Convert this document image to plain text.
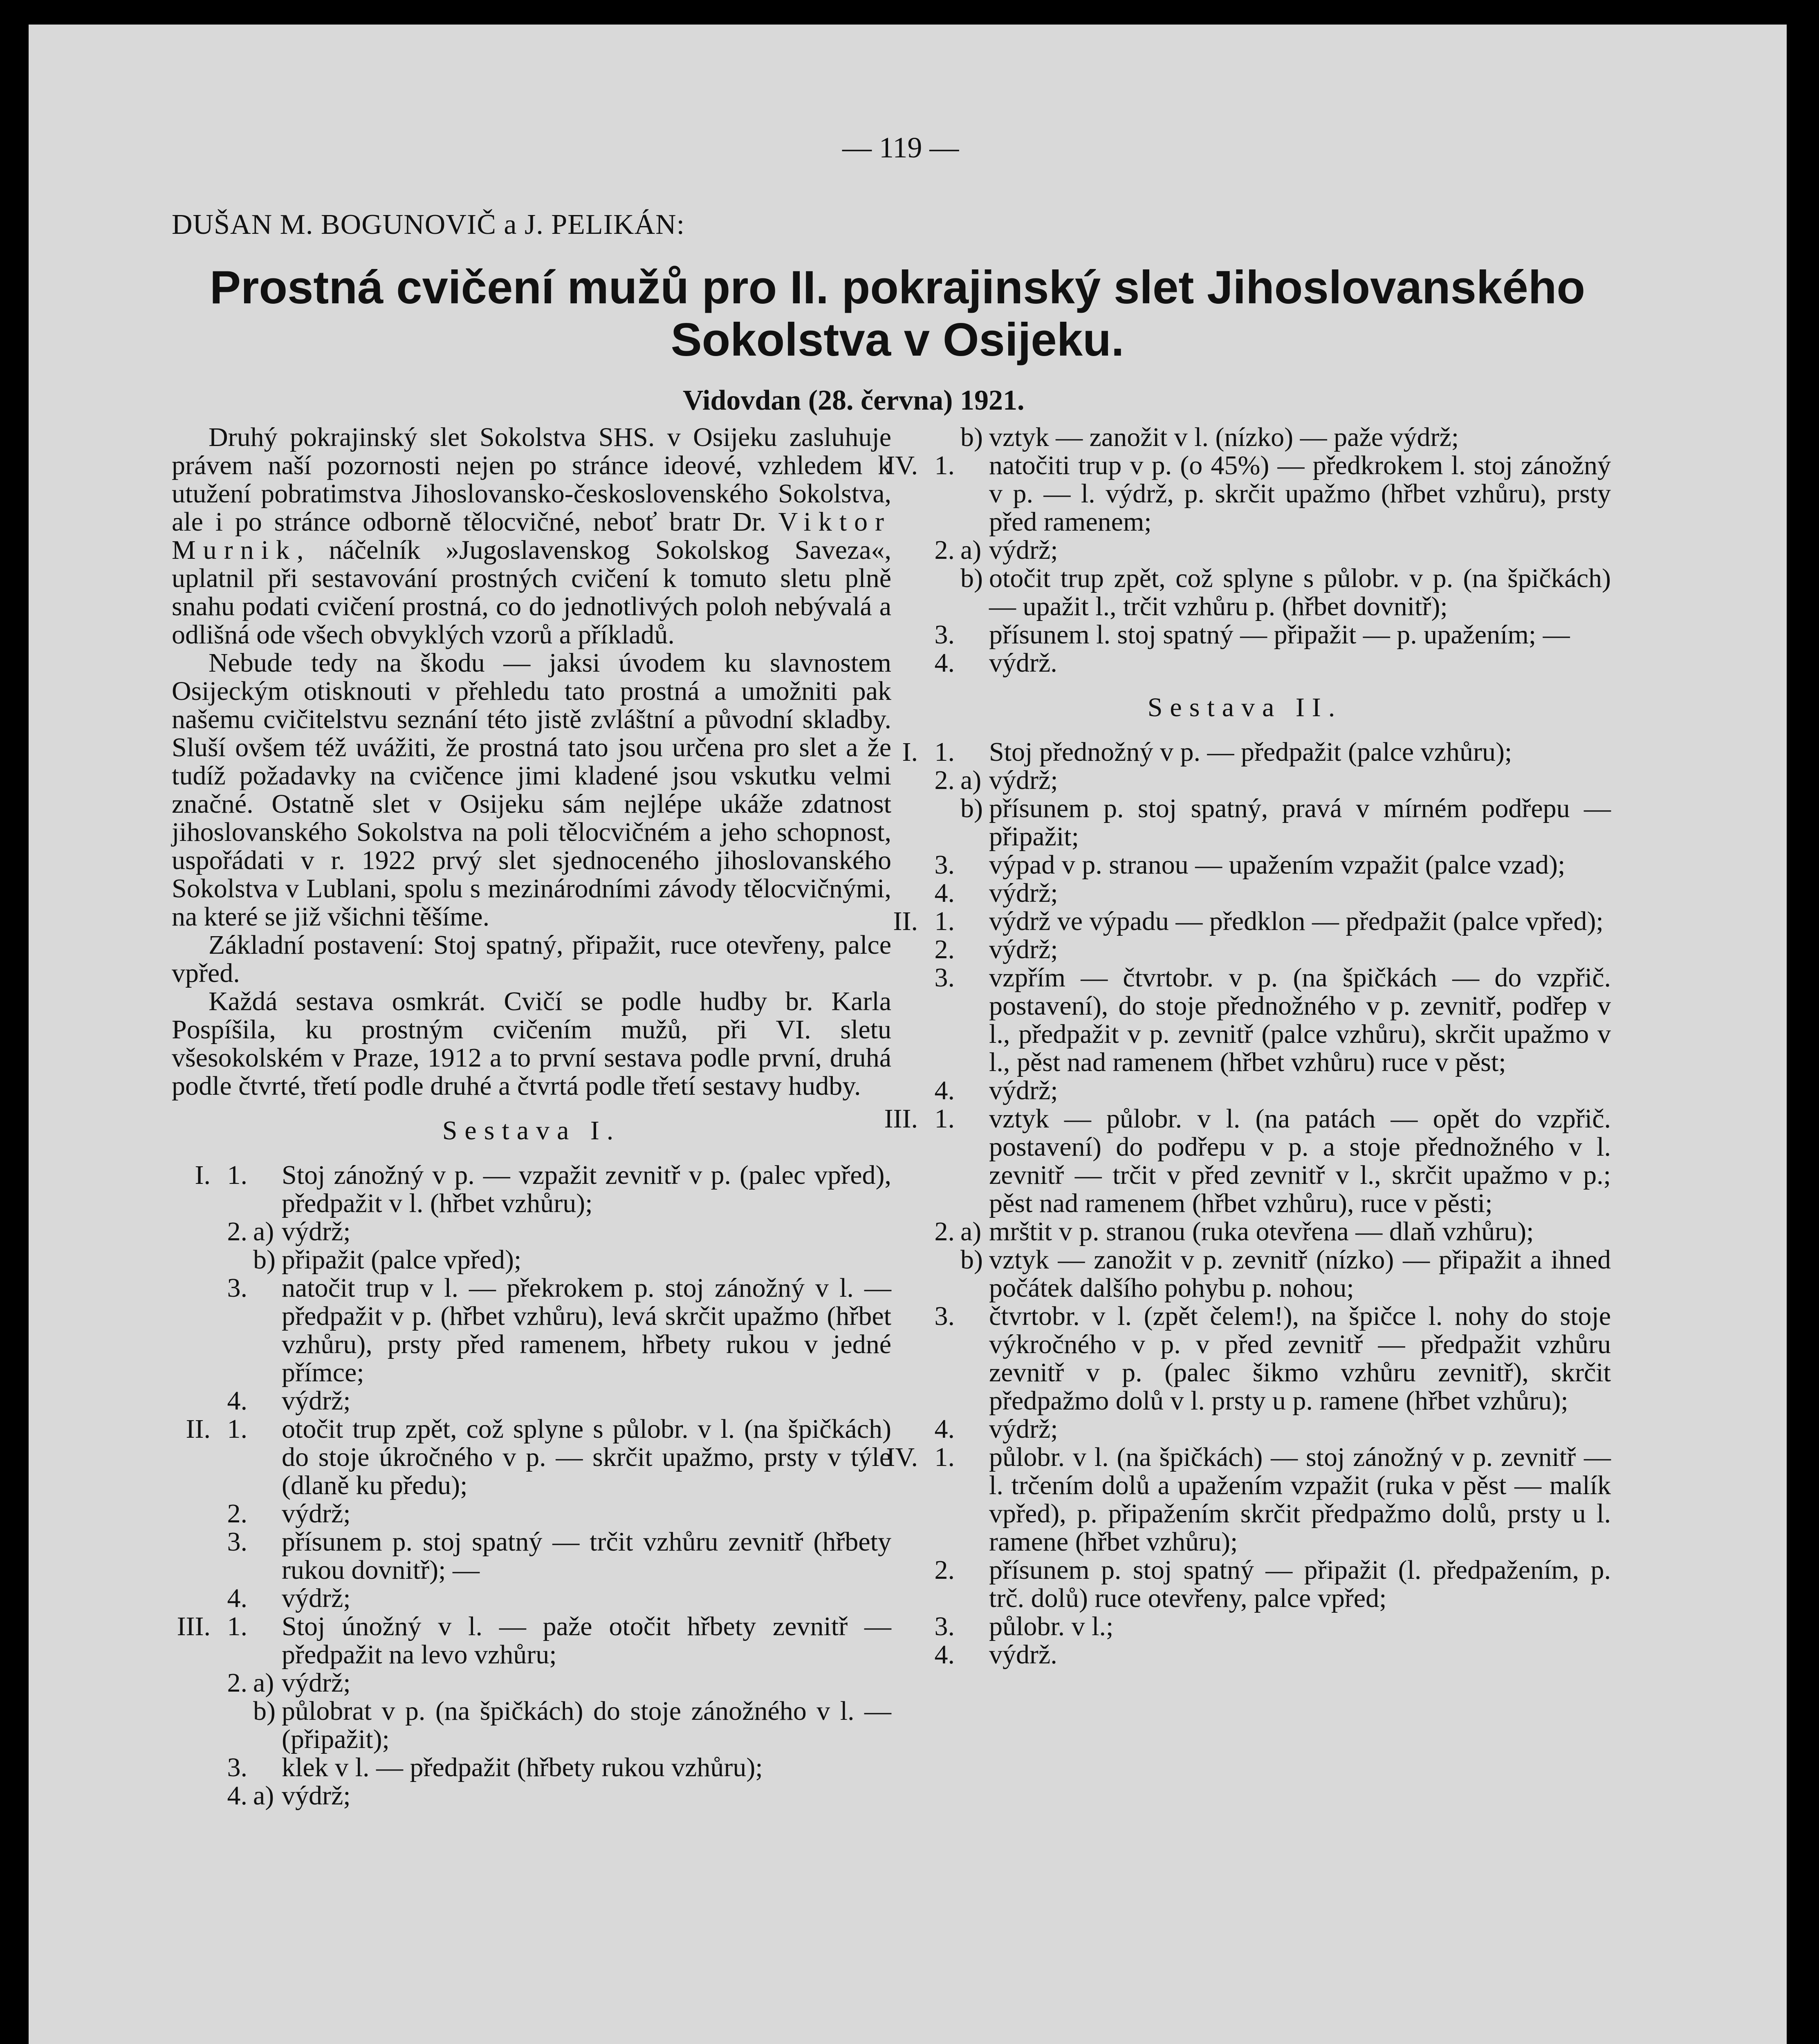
— 119 —
DUŠAN M. BOGUNOVIČ a J. PELIKÁN:
Prostná cvičení mužů pro II. pokrajinský slet Jihoslovanského
Sokolstva v Osijeku.
Vidovdan (28. června) 1921.

Druhý pokrajinský slet Sokolstva SHS. v Osijeku zasluhuje právem naší pozornosti nejen po stránce ideové, vzhledem k utužení pobratimstva Jihoslovansko-československého Sokolstva, ale i po stránce odborně tělocvičné, neboť bratr Dr. Viktor Murnik, náčelník »Jugoslavenskog Sokolskog Saveza«, uplatnil při sestavování prostných cvičení k tomuto sletu plně snahu podati cvičení prostná, co do jednotlivých poloh nebývalá a odlišná ode všech obvyklých vzorů a příkladů.

Nebude tedy na škodu — jaksi úvodem ku slavnostem Osijeckým otisknouti v přehledu tato prostná a umožniti pak našemu cvičitelstvu seznání této jistě zvláštní a původní skladby. Sluší ovšem též uvážiti, že prostná tato jsou určena pro slet a že tudíž požadavky na cvičence jimi kladené jsou vskutku velmi značné. Ostatně slet v Osijeku sám nejlépe ukáže zdatnost jihoslovanského Sokolstva na poli tělocvičném a jeho schopnost, uspořádati v r. 1922 prvý slet sjednoceného jihoslovanského Sokolstva v Lublani, spolu s mezinárodními závody tělocvičnými, na které se již všichni těšíme.

Základní postavení: Stoj spatný, připažit, ruce otevřeny, palce vpřed.

Každá sestava osmkrát. Cvičí se podle hudby br. Karla Pospíšila, ku prostným cvičením mužů, při VI. sletu všesokolském v Praze, 1912 a to první sestava podle první, druhá podle čtvrté, třetí podle druhé a čtvrtá podle třetí sestavy hudby.

Sestava I.
I. 1. Stoj zánožný v p. — vzpažit zevnitř v p. (palec vpřed), předpažit v l. (hřbet vzhůru);
2. a) výdrž;
b) připažit (palce vpřed);
3. natočit trup v l. — překrokem p. stoj zánožný v l. — předpažit v p. (hřbet vzhůru), levá skrčit upažmo (hřbet vzhůru), prsty před ramenem, hřbety rukou v jedné přímce;
4. výdrž;
II. 1. otočit trup zpět, což splyne s půlobr. v l. (na špičkách) do stoje úkročného v p. — skrčit upažmo, prsty v týle (dlaně ku předu);
2. výdrž;
3. přísunem p. stoj spatný — trčit vzhůru zevnitř (hřbety rukou dovnitř); —
4. výdrž;
III. 1. Stoj únožný v l. — paže otočit hřbety zevnitř — předpažit na levo vzhůru;
2. a) výdrž;
b) půlobrat v p. (na špičkách) do stoje zánožného v l. — (připažit);
3. klek v l. — předpažit (hřbety rukou vzhůru);
4. a) výdrž;
b) vztyk — zanožit v l. (nízko) — paže výdrž;
IV. 1. natočiti trup v p. (o 45%) — předkrokem l. stoj zánožný v p. — l. výdrž, p. skrčit upažmo (hřbet vzhůru), prsty před ramenem;
2. a) výdrž;
b) otočit trup zpět, což splyne s půlobr. v p. (na špičkách) — upažit l., trčit vzhůru p. (hřbet dovnitř);
3. přísunem l. stoj spatný — připažit — p. upažením; —
4. výdrž.
Sestava II.
I. 1. Stoj přednožný v p. — předpažit (palce vzhůru);
2. a) výdrž;
b) přísunem p. stoj spatný, pravá v mírném podřepu — připažit;
3. výpad v p. stranou — upažením vzpažit (palce vzad);
4. výdrž;
II. 1. výdrž ve výpadu — předklon — předpažit (palce vpřed);
2. výdrž;
3. vzpřím — čtvrtobr. v p. (na špičkách — do vzpřič. postavení), do stoje přednožného v p. zevnitř, podřep v l., předpažit v p. zevnitř (palce vzhůru), skrčit upažmo v l., pěst nad ramenem (hřbet vzhůru) ruce v pěst;
4. výdrž;
III. 1. vztyk — půlobr. v l. (na patách — opět do vzpřič. postavení) do podřepu v p. a stoje přednožného v l. zevnitř — trčit v před zevnitř v l., skrčit upažmo v p.; pěst nad ramenem (hřbet vzhůru), ruce v pěsti;
2. a) mrštit v p. stranou (ruka otevřena — dlaň vzhůru);
b) vztyk — zanožit v p. zevnitř (nízko) — připažit a ihned počátek dalšího pohybu p. nohou;
3. čtvrtobr. v l. (zpět čelem!), na špičce l. nohy do stoje výkročného v p. v před zevnitř — předpažit vzhůru zevnitř v p. (palec šikmo vzhůru zevnitř), skrčit předpažmo dolů v l. prsty u p. ramene (hřbet vzhůru);
4. výdrž;
IV. 1. půlobr. v l. (na špičkách) — stoj zánožný v p. zevnitř — l. trčením dolů a upažením vzpažit (ruka v pěst — malík vpřed), p. připažením skrčit předpažmo dolů, prsty u l. ramene (hřbet vzhůru);
2. přísunem p. stoj spatný — připažit (l. předpažením, p. trč. dolů) ruce otevřeny, palce vpřed;
3. půlobr. v l.;
4. výdrž.
